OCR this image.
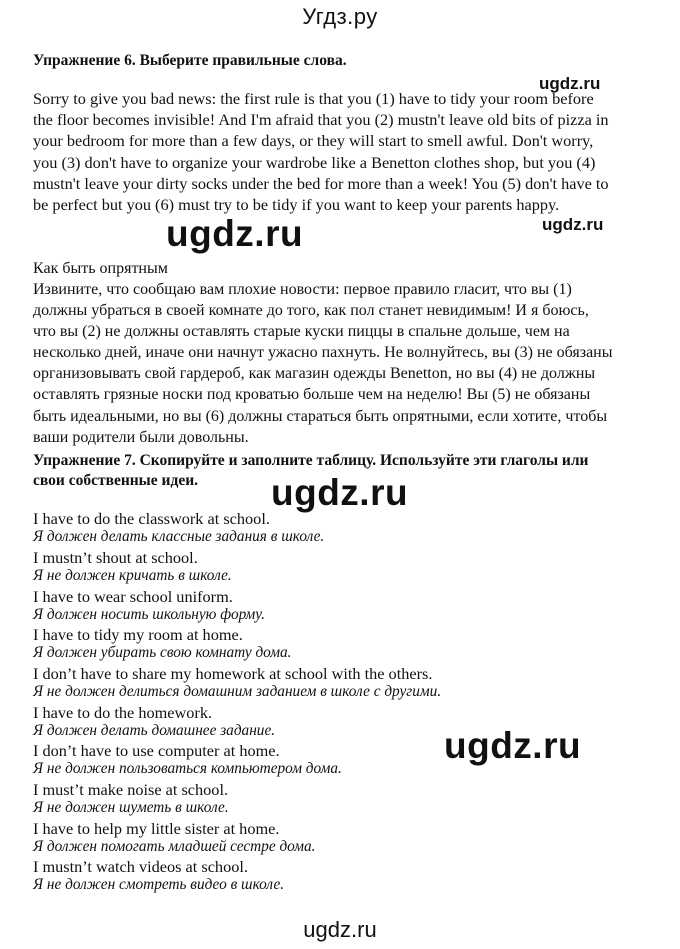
Угдз.ру
Упражнение 6. Выберите правильные слова.
ugdz.ru
Sorry to give you bad news: the first rule is that you (1) have to tidy your room before the floor becomes invisible! And I'm afraid that you (2) mustn't leave old bits of pizza in your bedroom for more than a few days, or they will start to smell awful. Don't worry, you (3) don't have to organize your wardrobe like a Benetton clothes shop, but you (4) mustn't leave your dirty socks under the bed for more than a week! You (5) don't have to be perfect but you (6) must try to be tidy if you want to keep your parents happy.
ugdz.ru
ugdz.ru
Как быть опрятным
Извините, что сообщаю вам плохие новости: первое правило гласит, что вы (1) должны убраться в своей комнате до того, как пол станет невидимым! И я боюсь, что вы (2) не должны оставлять старые куски пиццы в спальне дольше, чем на несколько дней, иначе они начнут ужасно пахнуть. Не волнуйтесь, вы (3) не обязаны организовывать свой гардероб, как магазин одежды Benetton, но вы (4) не должны оставлять грязные носки под кроватью больше чем на неделю! Вы (5) не обязаны быть идеальными, но вы (6) должны стараться быть опрятными, если хотите, чтобы ваши родители были довольны.
Упражнение 7. Скопируйте и заполните таблицу. Используйте эти глаголы или свои собственные идеи.	ugdz.ru
I have to do the classwork at school.
Я должен делать классные задания в школе.
I mustn’t shout at school.
Я не должен кричать в школе.
I have to wear school uniform.
Я должен носить школьную форму.
I have to tidy my room at home.
Я должен убирать свою комнату дома.
I don’t have to share my homework at school with the others.
Я не должен делиться домашним заданием в школе с другими.
I have to do the homework.
Я должен делать домашнее задание.
I don’t have to use computer at home.
Я не должен пользоваться компьютером дома.
I must’t make noise at school.
Я не должен шуметь в школе.
I have to help my little sister at home.
Я должен помогать младшей сестре дома.
I mustn’t watch videos at school.
Я не должен смотреть видео в школе.
ugdz.ru
ugdz.ru
